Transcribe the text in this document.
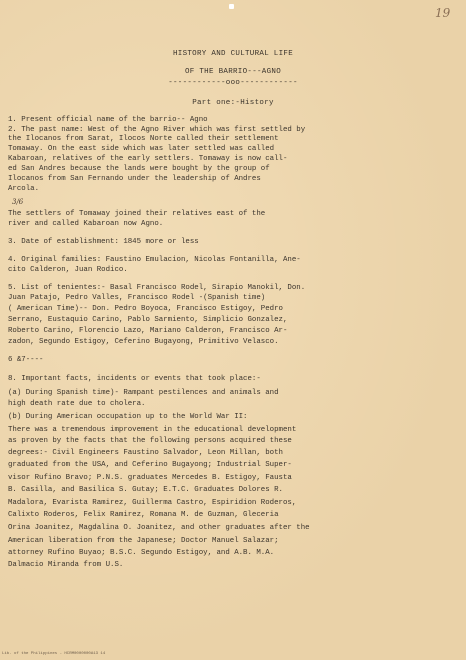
19
HISTORY AND CULTURAL LIFE
OF THE BARRIO---AGNO
------------ooo------------
Part one:-History
3/6
1. Present official name of the barrio-- Agno
2. The past name: West of the Agno River which was first settled by
the Ilocanos from Sarat, Ilocos Norte called their settlement
Tomaway. On the east side which was later settled was called
Kabaroan, relatives of the early settlers. Tomaway is now call-
ed San Andres because the lands were bought by the group of
Ilocanos from San Fernando under the leadership of Andres
Arcola.
The settlers of Tomaway joined their relatives east of the
river and called Kabaroan now Agno.
3. Date of establishment: 1845 more or less
4. Original families: Faustino Emulacion, Nicolas Fontanilla, Ane-
cito Calderon, Juan Rodico.
5. List of tenientes:- Basal Francisco Rodel, Sirapio Manokil, Don.
Juan Patajo, Pedro Valles, Francisco Rodel -(Spanish time)
( American Time)-- Don. Pedro Boyoca, Francisco Estigoy, Pedro
Serrano, Eustaquio Carino, Pablo Sarmiento, Simplicio Gonzalez,
Roberto Carino, Florencio Lazo, Mariano Calderon, Francisco Ar-
zadon, Segundo Estigoy, Ceferino Bugayong, Primitivo Velasco.
6 &7----
8. Important facts, incidents or events that took place:-
(a) During Spanish time)- Rampant pestilences and animals and
high death rate due to cholera.
(b) During American occupation up to the World War II:
There was a tremendous improvement in the educational development
as proven by the facts that the following persons acquired these
degrees:- Civil Engineers Faustino Salvador, Leon Millan, both
graduated from the USA, and Ceferino Bugayong; Industrial Super-
visor Rufino Bravo; P.N.S. graduates Mercedes B. Estigoy, Fausta
B. Casilla, and Basilica S. Gutay; E.T.C. Graduates Dolores R.
Madalora, Evarista Ramirez, Guillerma Castro, Espiridion Roderos,
Calixto Roderos, Felix Ramirez, Romana M. de Guzman, Gleceria
Orina Joanitez, Magdalina O. Joanitez, and other graduates after the
American liberation from the Japanese; Doctor Manuel Salazar;
attorney Rufino Buyao; B.S.C. Segundo Estigoy, and A.B. M.A.
Dalmacio Miranda from U.S.
Lib. of the Philippines - HCRM0000000A13 14
